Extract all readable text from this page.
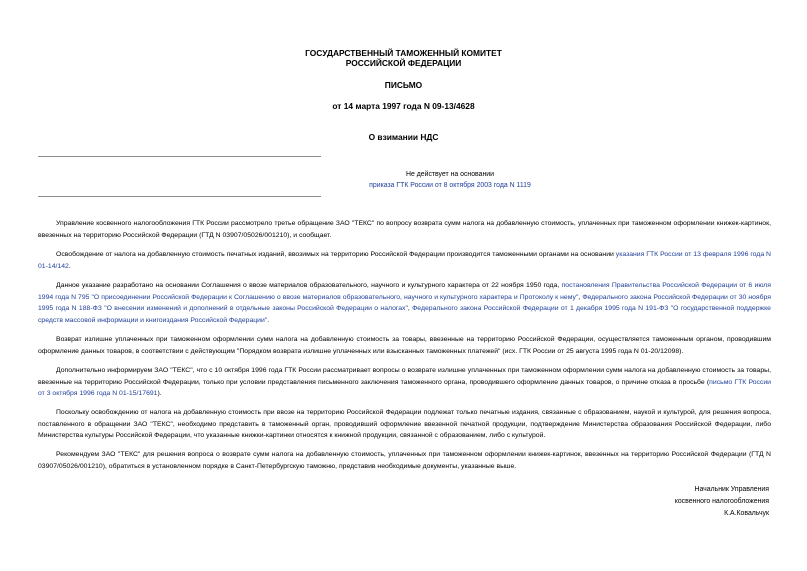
ГОСУДАРСТВЕННЫЙ ТАМОЖЕННЫЙ КОМИТЕТ
РОССИЙСКОЙ ФЕДЕРАЦИИ
ПИСЬМО
от 14 марта 1997 года N 09-13/4628
О взимании НДС
Не действует на основании
приказа ГТК России от 8 октября 2003 года N 1119
Управление косвенного налогообложения ГТК России рассмотрело третье обращение ЗАО "ТЕКС" по вопросу возврата сумм налога на добавленную стоимость, уплаченных при таможенном оформлении книжек-картинок, ввезенных на территорию Российской Федерации (ГТД N 03907/05026/001210), и сообщает.
Освобождение от налога на добавленную стоимость печатных изданий, ввозимых на территорию Российской Федерации производится таможенными органами на основании указания ГТК России от 13 февраля 1996 года N 01-14/142.
Данное указание разработано на основании Соглашения о ввозе материалов образовательного, научного и культурного характера от 22 ноября 1950 года, постановления Правительства Российской Федерации от 6 июля 1994 года N 795 "О присоединении Российской Федерации к Соглашению о ввозе материалов образовательного, научного и культурного характера и Протоколу к нему", Федерального закона Российской Федерации от 30 ноября 1995 года N 188-ФЗ "О внесении изменений и дополнений в отдельные законы Российской Федерации о налогах", Федерального закона Российской Федерации от 1 декабря 1995 года N 191-ФЗ "О государственной поддержке средств массовой информации и книгоиздания Российской Федерации".
Возврат излишне уплаченных при таможенном оформлении сумм налога на добавленную стоимость за товары, ввезенные на территорию Российской Федерации, осуществляется таможенным органом, проводившим оформление данных товаров, в соответствии с действующим "Порядком возврата излишне уплаченных или взысканных таможенных платежей" (исх. ГТК России от 25 августа 1995 года N 01-20/12098).
Дополнительно информируем ЗАО "ТЕКС", что с 10 октября 1996 года ГТК России рассматривает вопросы о возврате излишне уплаченных при таможенном оформлении сумм налога на добавленную стоимость за товары, ввезенные на территорию Российской Федерации, только при условии представления письменного заключения таможенного органа, проводившего оформление данных товаров, о причине отказа в просьбе (письмо ГТК России от 3 октября 1996 года N 01-15/17691).
Поскольку освобождению от налога на добавленную стоимость при ввозе на территорию Российской Федерации подлежат только печатные издания, связанные с образованием, наукой и культурой, для решения вопроса, поставленного в обращении ЗАО "ТЕКС", необходимо представить в таможенный орган, проводивший оформление ввезенной печатной продукции, подтверждение Министерства образования Российской Федерации, либо Министерства культуры Российской Федерации, что указанные книжки-картинки относятся к книжной продукции, связанной с образованием, либо с культурой.
Рекомендуем ЗАО "ТЕКС" для решения вопроса о возврате сумм налога на добавленную стоимость, уплаченных при таможенном оформлении книжек-картинок, ввезенных на территорию Российской Федерации (ГТД N 03907/05026/001210), обратиться в установленном порядке в Санкт-Петербургскую таможню, представив необходимые документы, указанные выше.
Начальник Управления
косвенного налогообложения
К.А.Ковальчук
